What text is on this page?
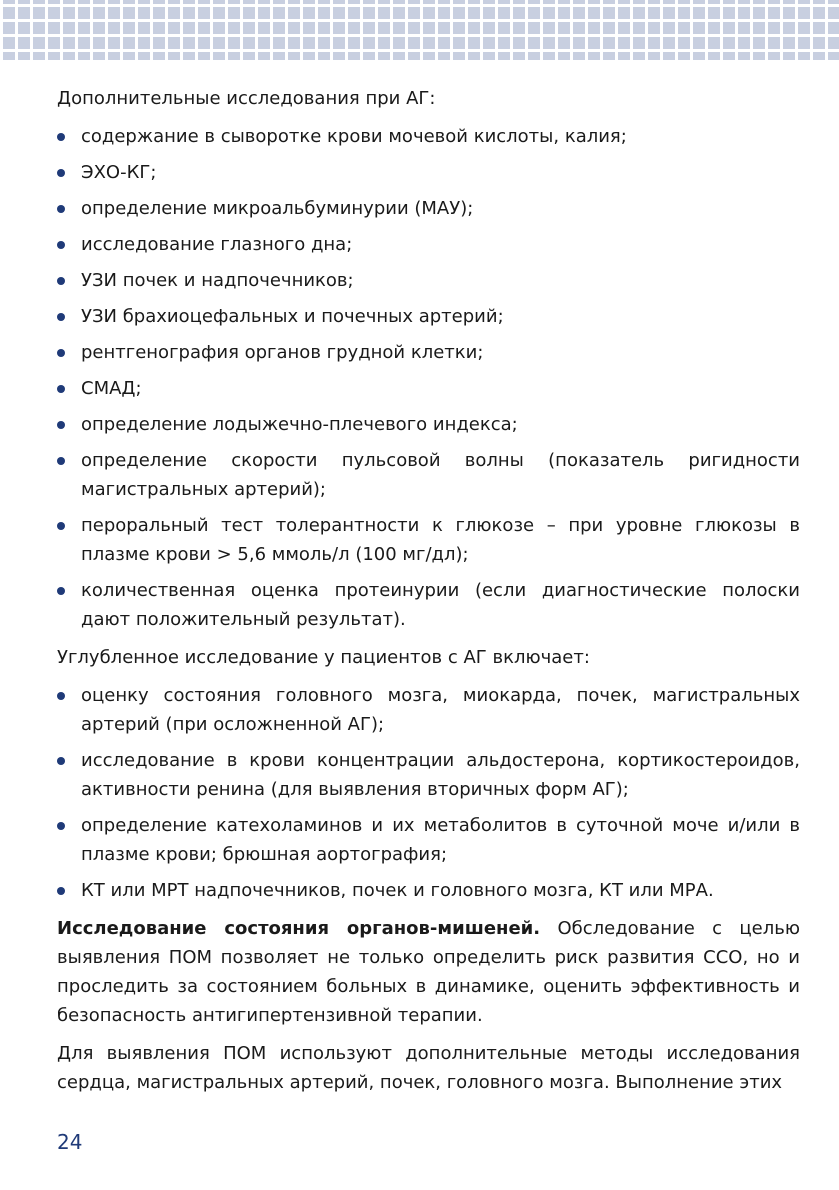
Дополнительные исследования при АГ:

содержание в сыворотке крови мочевой кислоты, калия;
ЭХО-КГ;
определение микроальбуминурии (МАУ);
исследование глазного дна;
УЗИ почек и надпочечников;
УЗИ брахиоцефальных и почечных артерий;
рентгенография органов грудной клетки;
СМАД;
определение лодыжечно-плечевого индекса;
определение скорости пульсовой волны (показатель ригидности магистральных артерий);
пероральный тест толерантности к глюкозе – при уровне глюкозы в плазме крови > 5,6 ммоль/л (100 мг/дл);
количественная оценка протеинурии (если диагностические полоски дают положительный результат).

Углубленное исследование у пациентов с АГ включает:

оценку состояния головного мозга, миокарда, почек, магистральных артерий (при осложненной АГ);
исследование в крови концентрации альдостерона, кортикостероидов, активности ренина (для выявления вторичных форм АГ);
определение катехоламинов и их метаболитов в суточной моче и/или в плазме крови; брюшная аортография;
КТ или МРТ надпочечников, почек и головного мозга, КТ или МРА.

Исследование состояния органов-мишеней. Обследование с целью выявления ПОМ позволяет не только определить риск развития ССО, но и проследить за состоянием больных в динамике, оценить эффективность и безопасность антигипертензивной терапии.

Для выявления ПОМ используют дополнительные методы исследования сердца, магистральных артерий, почек, головного мозга. Выполнение этих

24
